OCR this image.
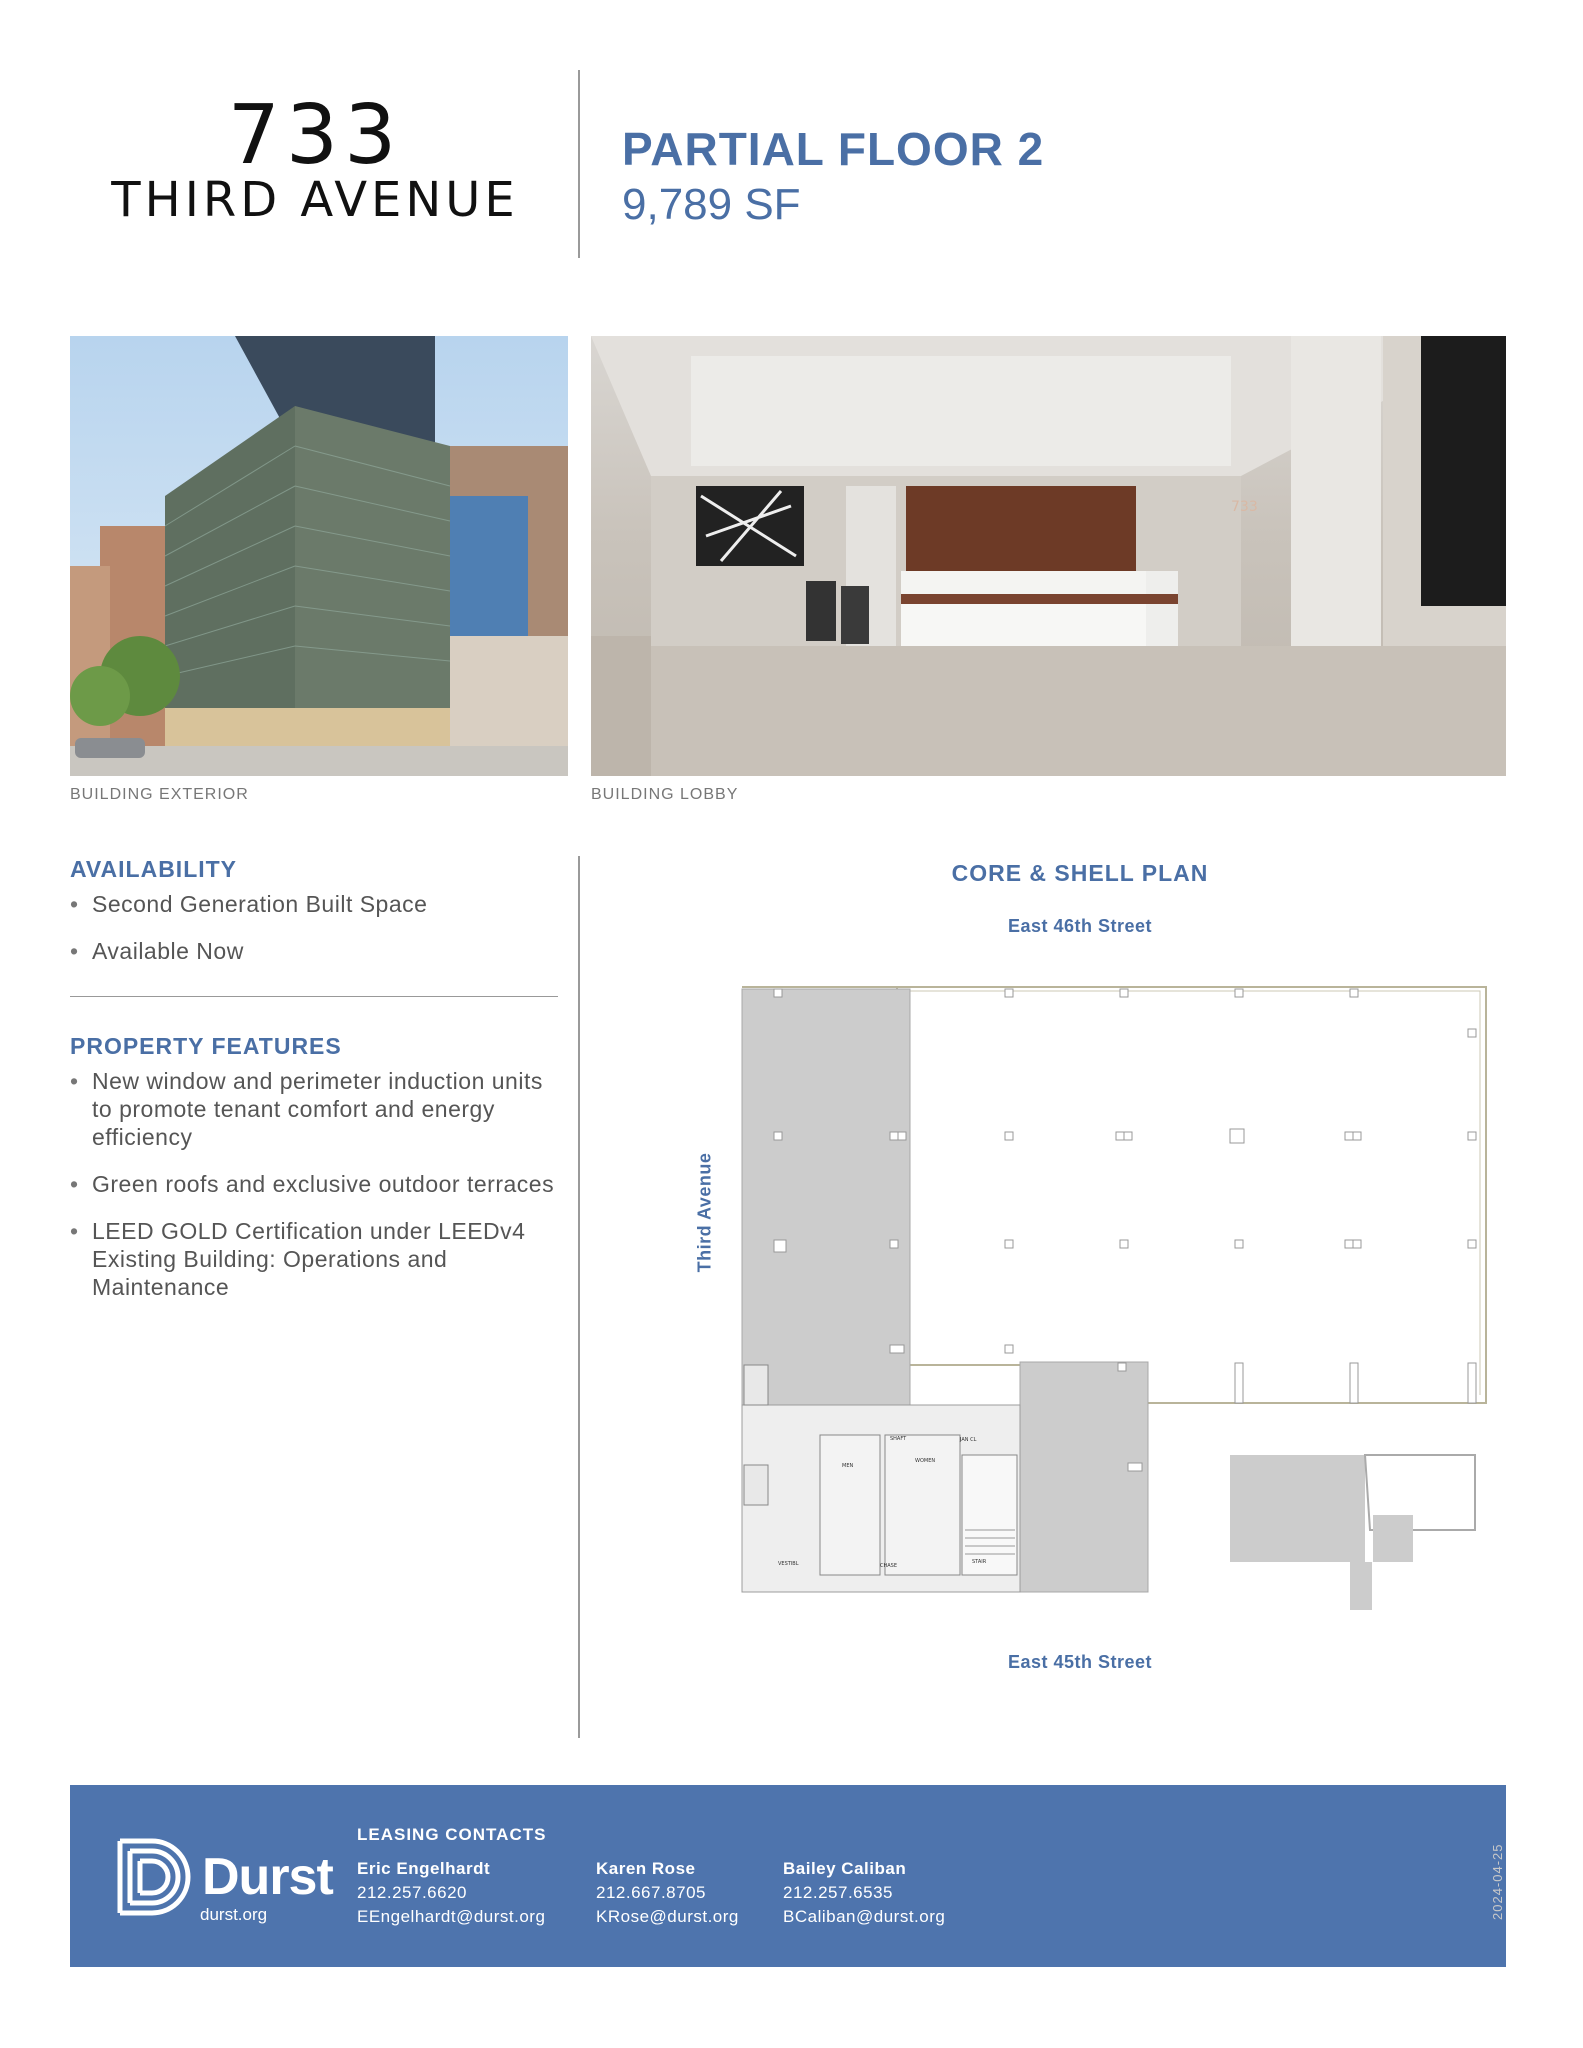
733
THIRD AVENUE
PARTIAL FLOOR 2
9,789 SF
733
BUILDING EXTERIOR	BUILDING LOBBY
AVAILABILITY
• Second Generation Built Space
• Available Now
PROPERTY FEATURES
• New window and perimeter induction units to promote tenant comfort and energy efficiency
• Green roofs and exclusive outdoor terraces
• LEED GOLD Certification under LEEDv4 Existing Building: Operations and Maintenance
CORE & SHELL PLAN
East 46th Street
Third Avenue
East 45th Street
MEN
WOMEN
SHAFT	JAN CL
CHASE
STAIR
VESTIBL
Durst
durst.org
LEASING CONTACTS
Eric Engelhardt
212.257.6620
EEngelhardt@durst.org
Karen Rose
212.667.8705
KRose@durst.org
Bailey Caliban
212.257.6535
BCaliban@durst.org	2024-04-25
